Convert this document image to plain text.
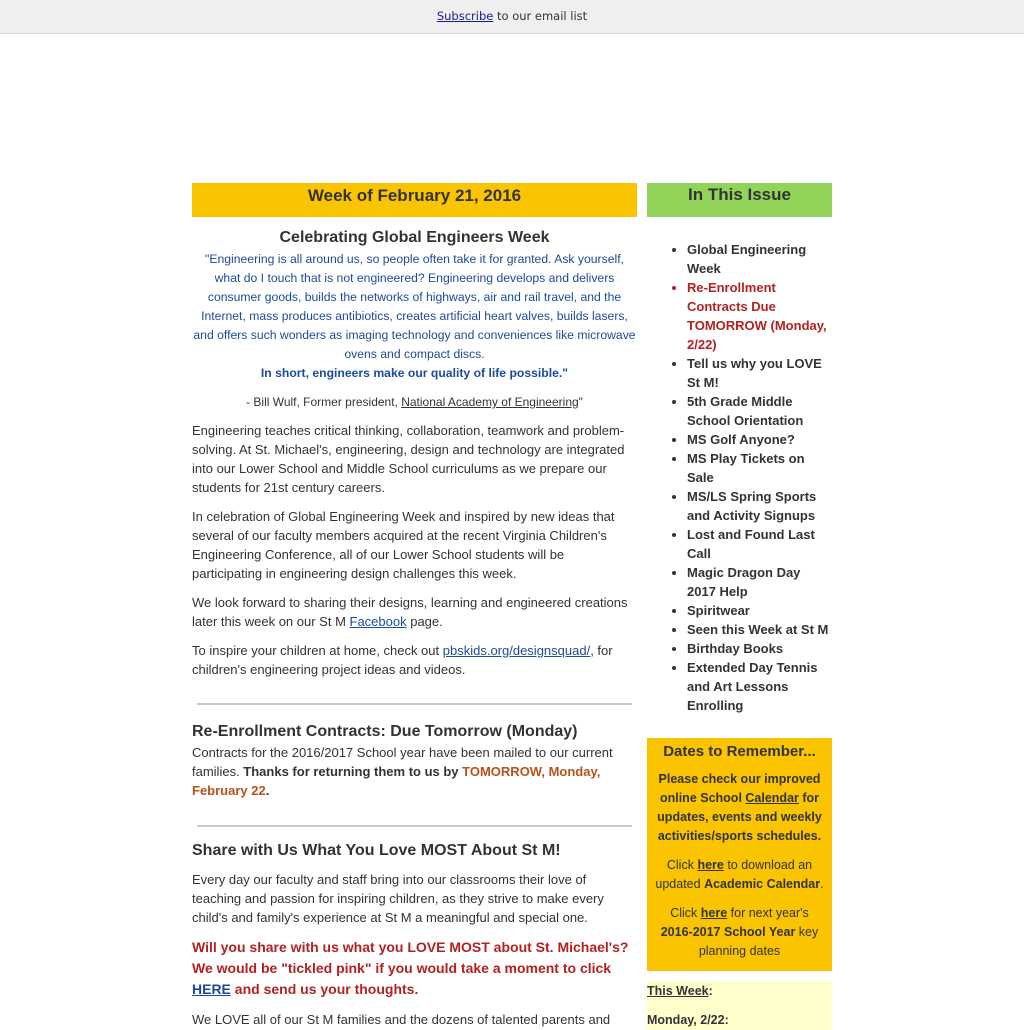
Subscribe to our email list
Week of February 21, 2016
Celebrating Global Engineers Week

"Engineering is all around us, so people often take it for granted. Ask yourself, what do I touch that is not engineered? Engineering develops and delivers consumer goods, builds the networks of highways, air and rail travel, and the Internet, mass produces antibiotics, creates artificial heart valves, builds lasers, and offers such wonders as imaging technology and conveniences like microwave ovens and compact discs.
In short, engineers make our quality of life possible."

- Bill Wulf, Former president, National Academy of Engineering"

Engineering teaches critical thinking, collaboration, teamwork and problem-solving. At St. Michael's, engineering, design and technology are integrated into our Lower School and Middle School curriculums as we prepare our students for 21st century careers.

In celebration of Global Engineering Week and inspired by new ideas that several of our faculty members acquired at the recent Virginia Children's Engineering Conference, all of our Lower School students will be participating in engineering design challenges this week.

We look forward to sharing their designs, learning and engineered creations later this week on our St M Facebook page.

To inspire your children at home, check out pbskids.org/designsquad/, for children's engineering project ideas and videos.

Re-Enrollment Contracts: Due Tomorrow (Monday)

Contracts for the 2016/2017 School year have been mailed to our current families. Thanks for returning them to us by TOMORROW, Monday, February 22.

Share with Us What You Love MOST About St M!

Every day our faculty and staff bring into our classrooms their love of teaching and passion for inspiring children, as they strive to make every child's and family's experience at St M a meaningful and special one.

Will you share with us what you LOVE MOST about St. Michael's? We would be "tickled pink" if you would take a moment to click HERE and send us your thoughts.

We LOVE all of our St M families and the dozens of talented parents and

In This Issue
• Global Engineering Week
• Re-Enrollment Contracts Due TOMORROW (Monday, 2/22)
• Tell us why you LOVE St M!
• 5th Grade Middle School Orientation
• MS Golf Anyone?
• MS Play Tickets on Sale
• MS/LS Spring Sports and Activity Signups
• Lost and Found Last Call
• Magic Dragon Day 2017 Help
• Spiritwear
• Seen this Week at St M
• Birthday Books
• Extended Day Tennis and Art Lessons Enrolling
Dates to Remember...

Please check our improved online School Calendar for updates, events and weekly activities/sports schedules.

Click here to download an updated Academic Calendar.

Click here for next year's 2016-2017 School Year key planning dates

This Week:
Monday, 2/22:
